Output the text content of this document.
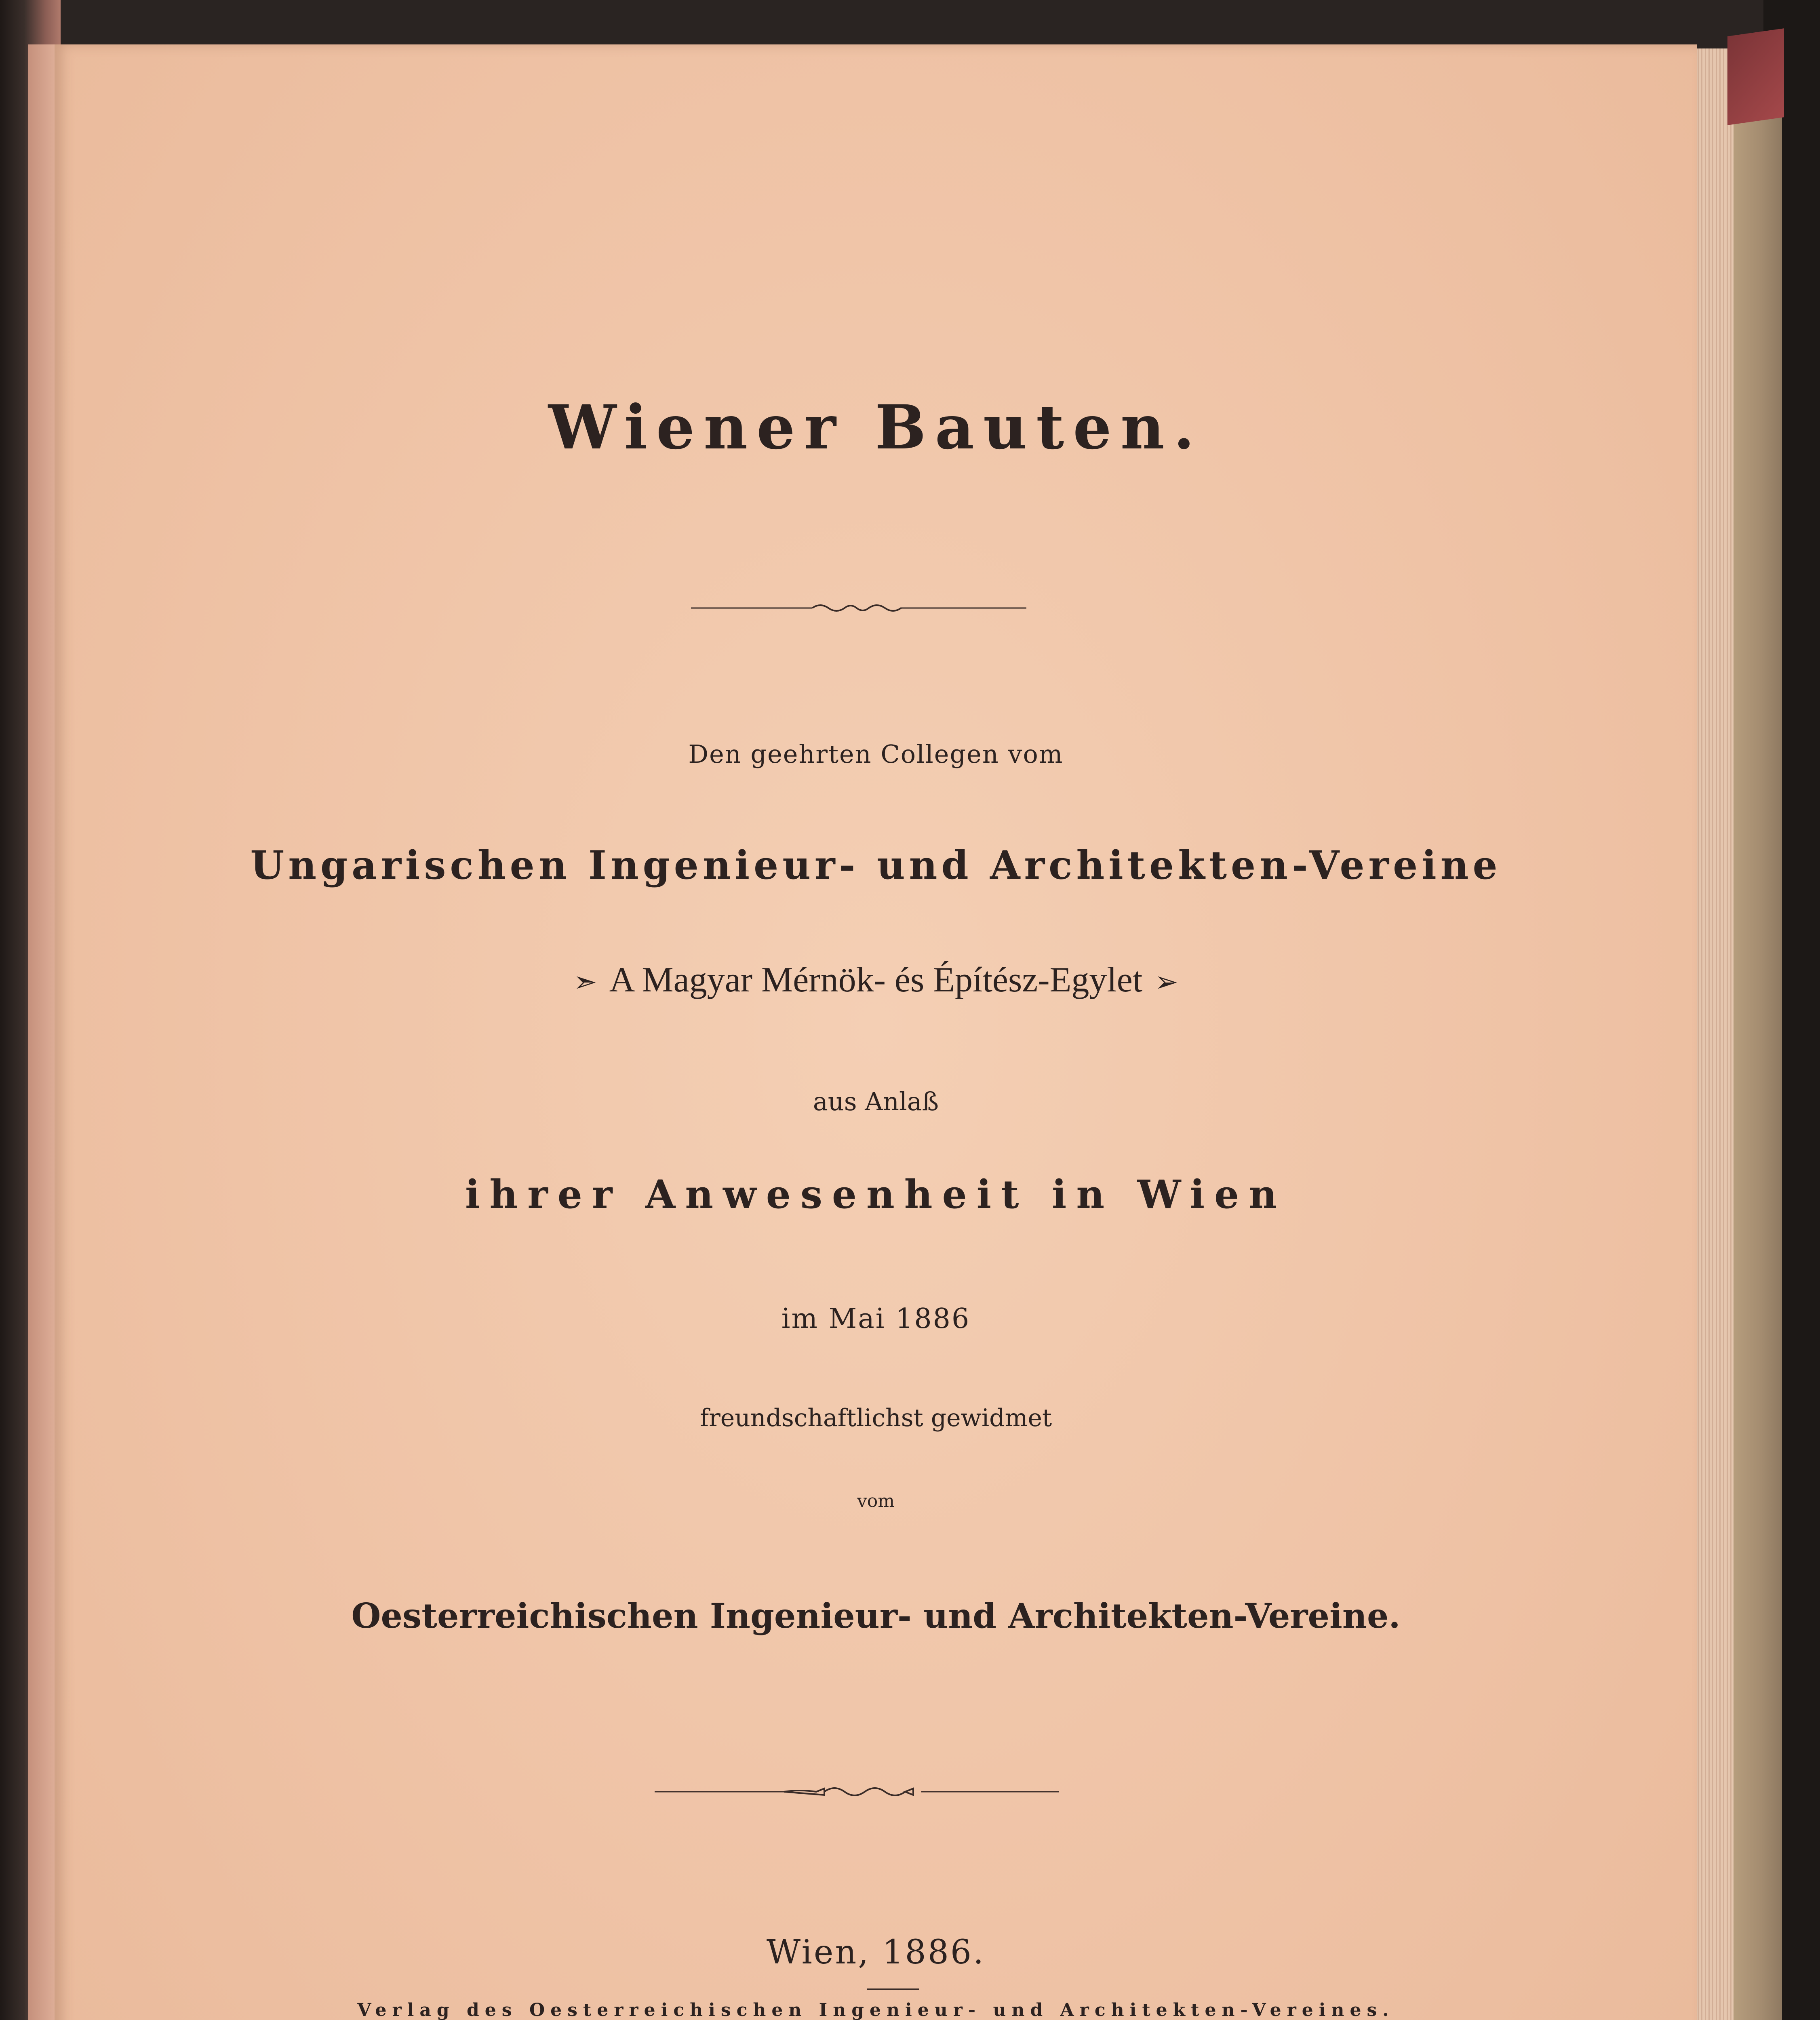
Wiener Bauten.
Den geehrten Collegen vom
Ungarischen Ingenieur- und Architekten-Vereine
➣ A Magyar Mérnök- és Építész-Egylet ➢
aus Anlaß
ihrer Anwesenheit in Wien
im Mai 1886
freundschaftlichst gewidmet
vom
Oesterreichischen Ingenieur- und Architekten-Vereine.
Wien, 1886.
Verlag des Oesterreichischen Ingenieur- und Architekten-Vereines.
